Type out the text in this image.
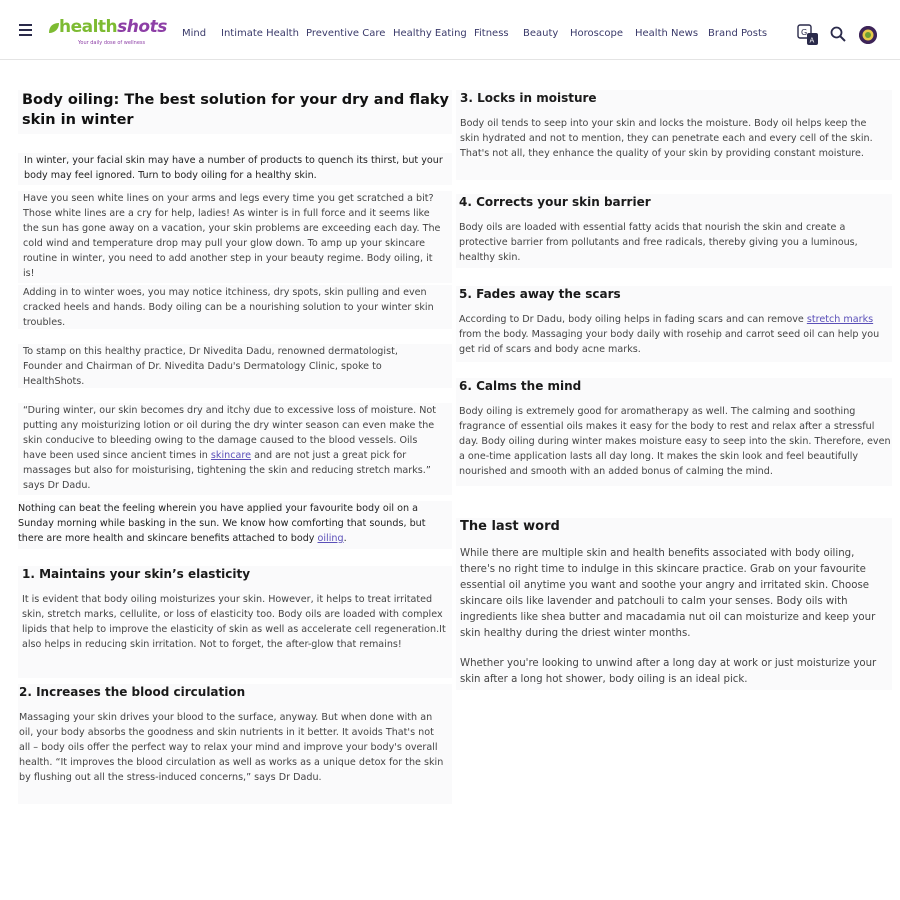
healthshots
Your daily dose of wellness
Mind Intimate Health Preventive Care Healthy Eating Fitness Beauty Horoscope Health News Brand Posts	G
A
Body oiling: The best solution for your dry and flaky skin in winter

In winter, your facial skin may have a number of products to quench its thirst, but your body may feel ignored. Turn to body oiling for a healthy skin.

Have you seen white lines on your arms and legs every time you get scratched a bit? Those white lines are a cry for help, ladies! As winter is in full force and it seems like the sun has gone away on a vacation, your skin problems are exceeding each day. The cold wind and temperature drop may pull your glow down. To amp up your skincare routine in winter, you need to add another step in your beauty regime. Body oiling, it is!

Adding in to winter woes, you may notice itchiness, dry spots, skin pulling and even cracked heels and hands. Body oiling can be a nourishing solution to your winter skin troubles.

To stamp on this healthy practice, Dr Nivedita Dadu, renowned dermatologist, Founder and Chairman of Dr. Nivedita Dadu's Dermatology Clinic, spoke to HealthShots.

“During winter, our skin becomes dry and itchy due to excessive loss of moisture. Not putting any moisturizing lotion or oil during the dry winter season can even make the skin conducive to bleeding owing to the damage caused to the blood vessels. Oils have been used since ancient times in skincare and are not just a great pick for massages but also for moisturising, tightening the skin and reducing stretch marks.” says Dr Dadu.

Nothing can beat the feeling wherein you have applied your favourite body oil on a Sunday morning while basking in the sun. We know how comforting that sounds, but there are more health and skincare benefits attached to body oiling.

1. Maintains your skin’s elasticity

It is evident that body oiling moisturizes your skin. However, it helps to treat irritated skin, stretch marks, cellulite, or loss of elasticity too. Body oils are loaded with complex lipids that help to improve the elasticity of skin as well as accelerate cell regeneration.It also helps in reducing skin irritation. Not to forget, the after-glow that remains!

2. Increases the blood circulation

Massaging your skin drives your blood to the surface, anyway. But when done with an oil, your body absorbs the goodness and skin nutrients in it better. It avoids That's not all – body oils offer the perfect way to relax your mind and improve your body's overall health. “It improves the blood circulation as well as works as a unique detox for the skin by flushing out all the stress-induced concerns,” says Dr Dadu.

3. Locks in moisture

Body oil tends to seep into your skin and locks the moisture. Body oil helps keep the skin hydrated and not to mention, they can penetrate each and every cell of the skin. That's not all, they enhance the quality of your skin by providing constant moisture.

4. Corrects your skin barrier

Body oils are loaded with essential fatty acids that nourish the skin and create a protective barrier from pollutants and free radicals, thereby giving you a luminous, healthy skin.

5. Fades away the scars

According to Dr Dadu, body oiling helps in fading scars and can remove stretch marks from the body. Massaging your body daily with rosehip and carrot seed oil can help you get rid of scars and body acne marks.

6. Calms the mind

Body oiling is extremely good for aromatherapy as well. The calming and soothing fragrance of essential oils makes it easy for the body to rest and relax after a stressful day. Body oiling during winter makes moisture easy to seep into the skin. Therefore, even a one-time application lasts all day long. It makes the skin look and feel beautifully nourished and smooth with an added bonus of calming the mind.

The last word

While there are multiple skin and health benefits associated with body oiling, there's no right time to indulge in this skincare practice. Grab on your favourite essential oil anytime you want and soothe your angry and irritated skin. Choose skincare oils like lavender and patchouli to calm your senses. Body oils with ingredients like shea butter and macadamia nut oil can moisturize and keep your skin healthy during the driest winter months.

Whether you're looking to unwind after a long day at work or just moisturize your skin after a long hot shower, body oiling is an ideal pick.
